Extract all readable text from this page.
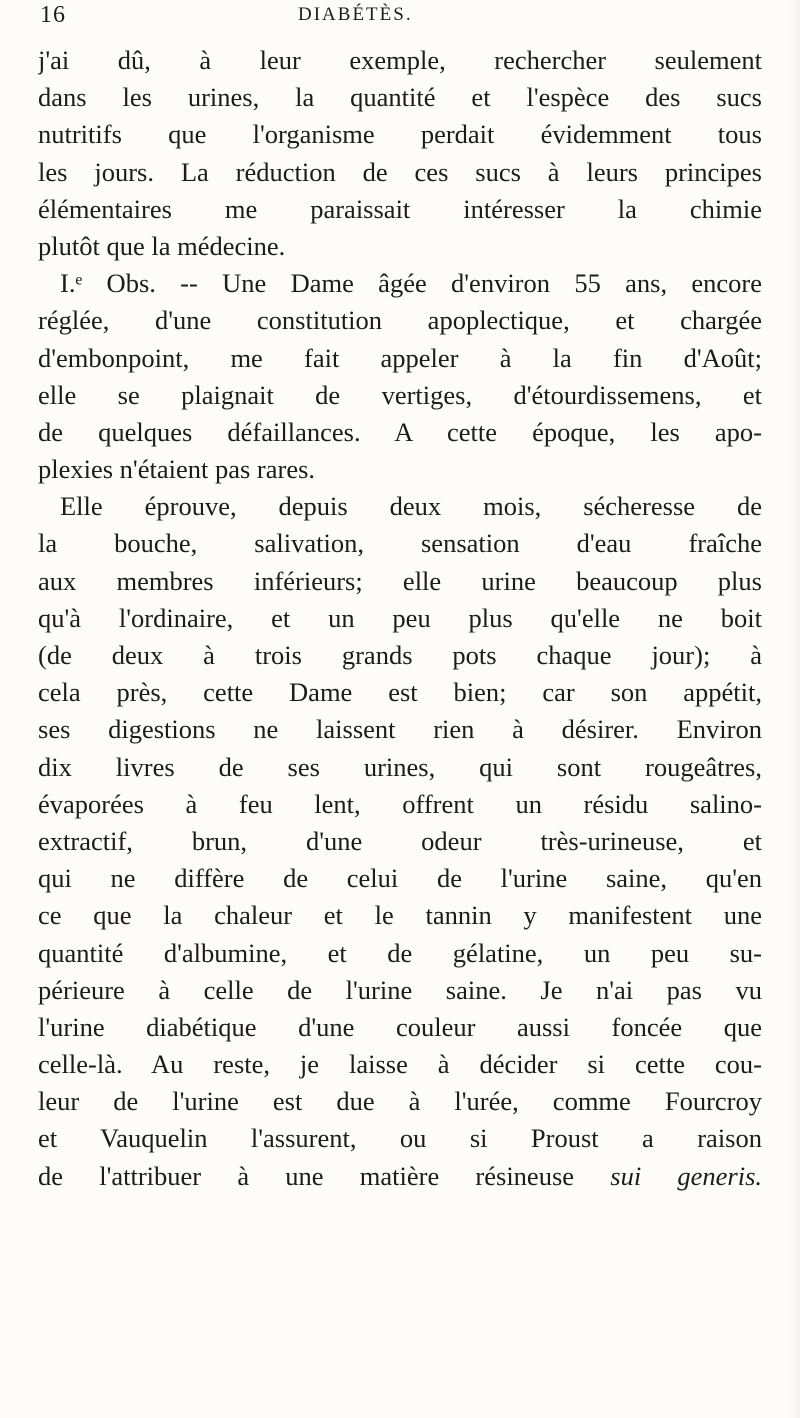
16	DIABÉTÈS.
j'ai dû, à leur exemple, rechercher seulement
dans les urines, la quantité et l'espèce des sucs
nutritifs que l'organisme perdait évidemment tous
les jours. La réduction de ces sucs à leurs principes
élémentaires me paraissait intéresser la chimie
plutôt que la médecine.
I.ᵉ Obs. -- Une Dame âgée d'environ 55 ans, encore
réglée, d'une constitution apoplectique, et chargée
d'embonpoint, me fait appeler à la fin d'Août;
elle se plaignait de vertiges, d'étourdissemens, et
de quelques défaillances. A cette époque, les apo-
plexies n'étaient pas rares.
Elle éprouve, depuis deux mois, sécheresse de
la bouche, salivation, sensation d'eau fraîche
aux membres inférieurs; elle urine beaucoup plus
qu'à l'ordinaire, et un peu plus qu'elle ne boit
(de deux à trois grands pots chaque jour); à
cela près, cette Dame est bien; car son appétit,
ses digestions ne laissent rien à désirer. Environ
dix livres de ses urines, qui sont rougeâtres,
évaporées à feu lent, offrent un résidu salino-
extractif, brun, d'une odeur très-urineuse, et
qui ne diffère de celui de l'urine saine, qu'en
ce que la chaleur et le tannin y manifestent une
quantité d'albumine, et de gélatine, un peu su-
périeure à celle de l'urine saine. Je n'ai pas vu
l'urine diabétique d'une couleur aussi foncée que
celle-là. Au reste, je laisse à décider si cette cou-
leur de l'urine est due à l'urée, comme Fourcroy
et Vauquelin l'assurent, ou si Proust a raison
de l'attribuer à une matière résineuse sui generis.
